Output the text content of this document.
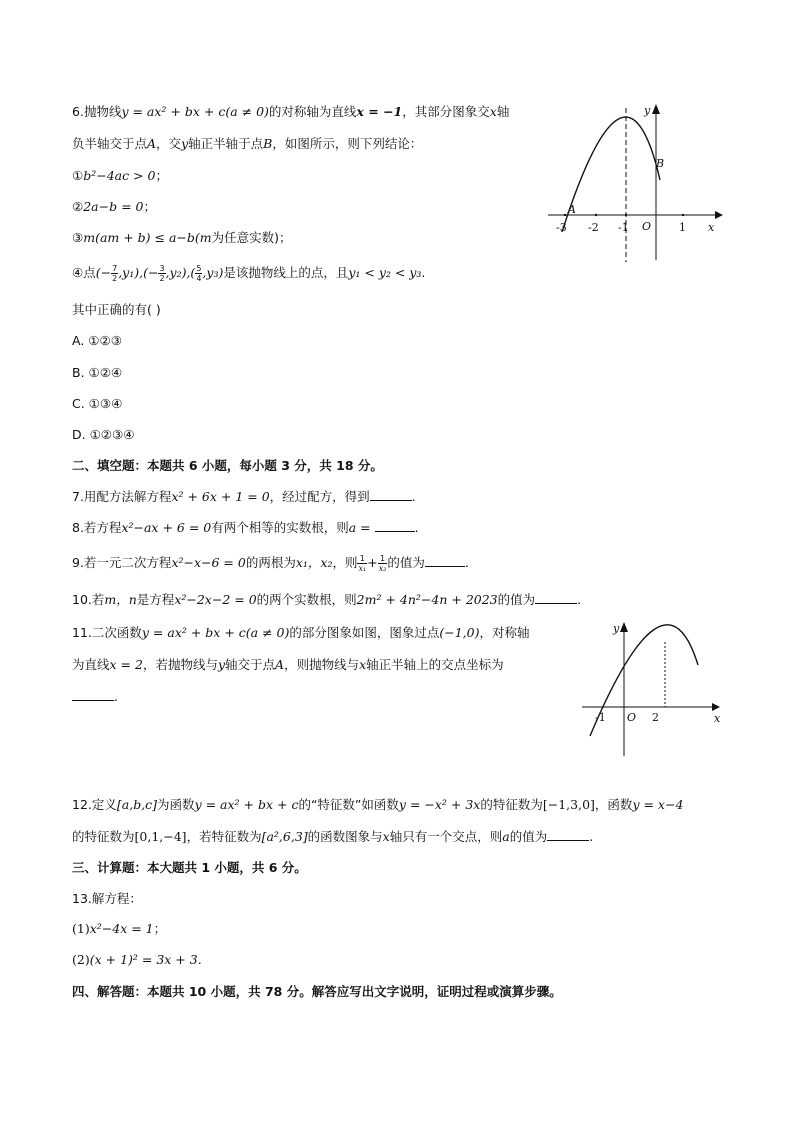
6.抛物线y = ax² + bx + c(a ≠ 0)的对称轴为直线x = −1，其部分图象交x轴
负半轴交于点A，交y轴正半轴于点B，如图所示，则下列结论：
①b²−4ac > 0；
②2a−b = 0；
③m(am + b) ≤ a−b(m为任意实数)；
④点(− $\frac{7}{2} ,y_1),(- \frac{3}{2} ,y_2),( \frac{5}{4} ,y_3)$是该抛物线上的点，且y₁ < y₂ < y₃.
其中正确的有( )
A. ①②③
B. ①②④
C. ①③④
D. ①②③④
y
x
A
B
O
-3 -2 -1	1
二、填空题：本题共 6 小题，每小题 3 分，共 18 分。
7.用配方法解方程x² + 6x + 1 = 0，经过配方，得到	.
8.若方程x²−ax + 6 = 0有两个相等的实数根，则a =	.
9.若一元二次方程x²−x−6 = 0的两根为x₁，x₂，则 $\frac{1}{\text{x₁}} + \frac{1}{\text{x₂}}$ 的值为	.
10.若m，n是方程x²−2x−2 = 0的两个实数根，则2m² + 4n²−4n + 2023的值为	.
11.二次函数y = ax² + bx + c(a ≠ 0)的部分图象如图，图象过点(−1,0)，对称轴
为直线x = 2，若抛物线与y轴交于点A，则抛物线与x轴正半轴上的交点坐标为
.
y
x
O
-1	2
12.定义[a,b,c]为函数y = ax² + bx + c的“特征数”如函数y = −x² + 3x的特征数为[−1,3,0]，函数y = x−4
的特征数为[0,1,−4]，若特征数为[a²,6,3]的函数图象与x轴只有一个交点，则a的值为	.
三、计算题：本大题共 1 小题，共 6 分。
13.解方程：
(1)x²−4x = 1；
(2)(x + 1)² = 3x + 3.
四、解答题：本题共 10 小题，共 78 分。解答应写出文字说明，证明过程或演算步骤。
